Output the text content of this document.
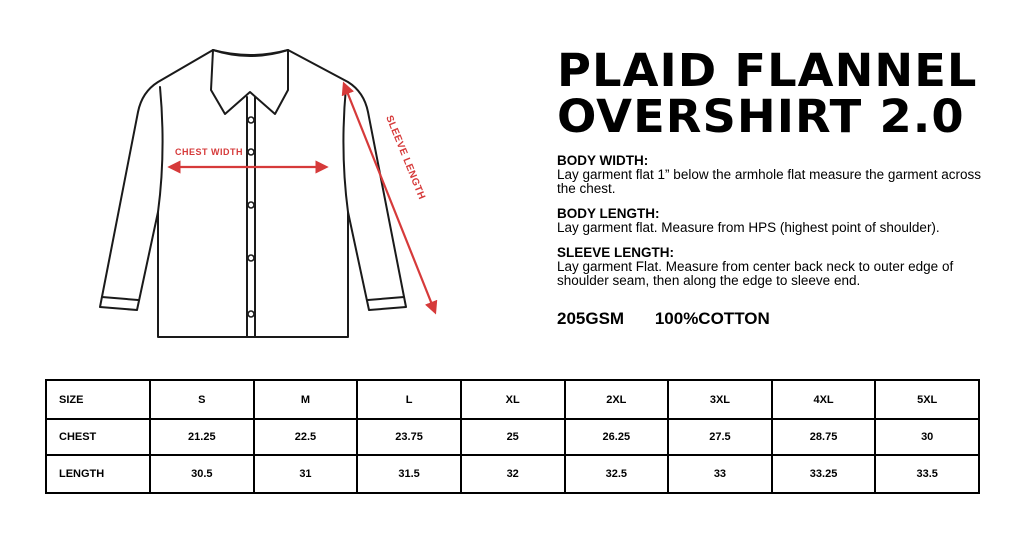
CHEST WIDTH	SLEEVE LENGTH
PLAID FLANNEL
OVERSHIRT 2.0
BODY WIDTH:
Lay garment flat 1” below the armhole flat measure the garment across the chest.
BODY LENGTH:
Lay garment flat. Measure from HPS (highest point of shoulder).
SLEEVE LENGTH:
Lay garment Flat. Measure from center back neck to outer edge of shoulder seam, then along the edge to sleeve end.
205GSM 100%COTTON
SIZE	S	M	L	XL	2XL	3XL	4XL	5XL
CHEST	21.25	22.5	23.75	25	26.25	27.5	28.75	30
LENGTH	30.5	31	31.5	32	32.5	33	33.25	33.5
